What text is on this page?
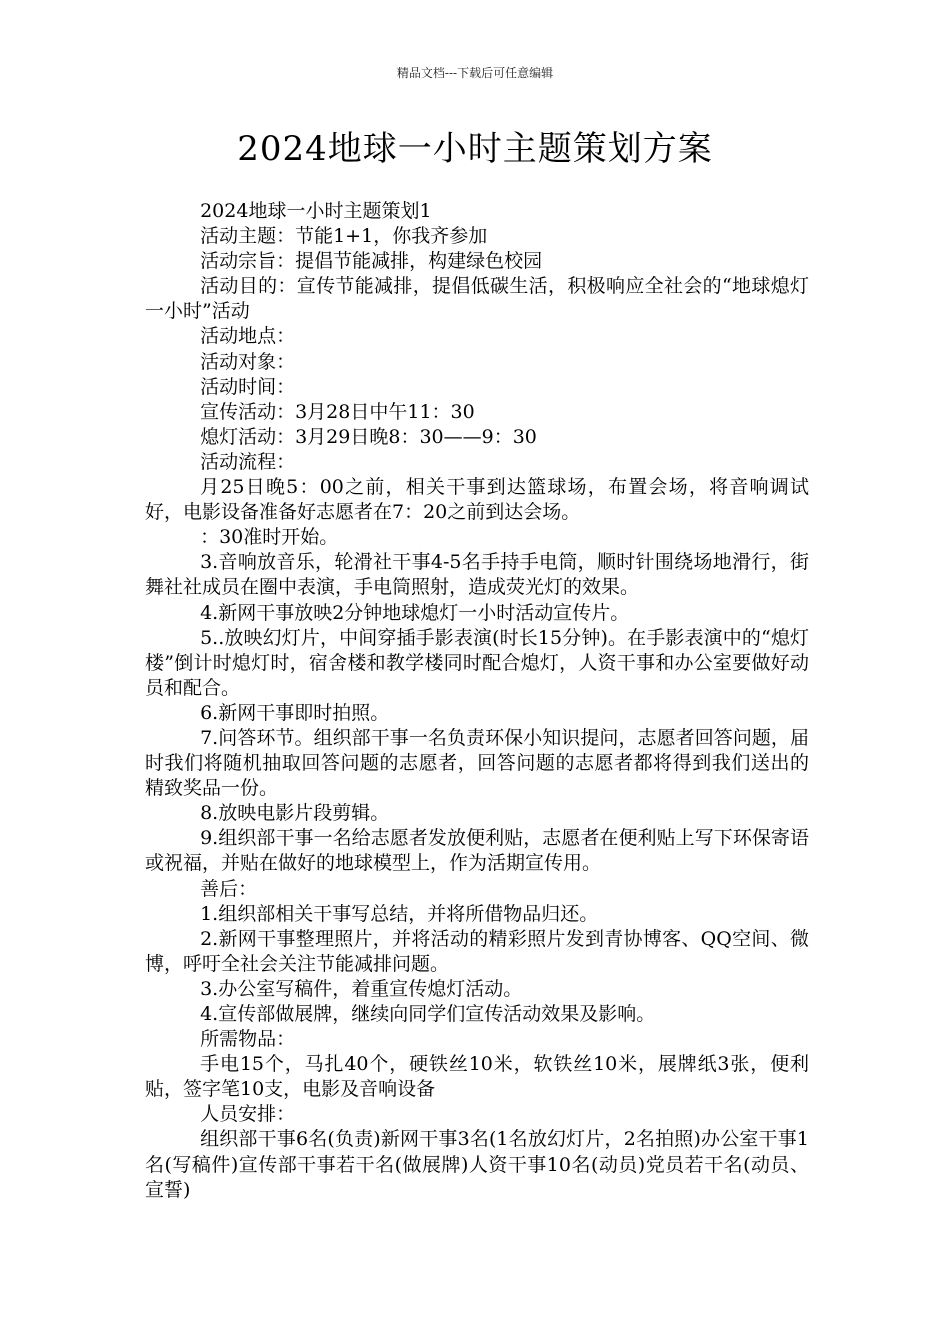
精品文档---下载后可任意编辑
2024地球一小时主题策划方案

2024地球一小时主题策划1

活动主题：节能1+1，你我齐参加

活动宗旨：提倡节能减排，构建绿色校园

活动目的：宣传节能减排，提倡低碳生活，积极响应全社会的“地球熄灯一小时”活动

活动地点：

活动对象：

活动时间：

宣传活动：3月28日中午11：30

熄灯活动：3月29日晚8：30——9：30

活动流程：

月25日晚5：00之前，相关干事到达篮球场，布置会场，将音响调试好，电影设备准备好志愿者在7：20之前到达会场。

：30准时开始。

3.音响放音乐，轮滑社干事4-5名手持手电筒，顺时针围绕场地滑行，街舞社社成员在圈中表演，手电筒照射，造成荧光灯的效果。

4.新网干事放映2分钟地球熄灯一小时活动宣传片。

5..放映幻灯片，中间穿插手影表演(时长15分钟)。在手影表演中的“熄灯楼”倒计时熄灯时，宿舍楼和教学楼同时配合熄灯，人资干事和办公室要做好动员和配合。

6.新网干事即时拍照。

7.问答环节。组织部干事一名负责环保小知识提问，志愿者回答问题，届时我们将随机抽取回答问题的志愿者，回答问题的志愿者都将得到我们送出的精致奖品一份。

8.放映电影片段剪辑。

9.组织部干事一名给志愿者发放便利贴，志愿者在便利贴上写下环保寄语或祝福，并贴在做好的地球模型上，作为活期宣传用。

善后：

1.组织部相关干事写总结，并将所借物品归还。

2.新网干事整理照片，并将活动的精彩照片发到青协博客、QQ空间、微博，呼吁全社会关注节能减排问题。

3.办公室写稿件，着重宣传熄灯活动。

4.宣传部做展牌，继续向同学们宣传活动效果及影响。

所需物品：

手电15个，马扎40个，硬铁丝10米，软铁丝10米，展牌纸3张，便利贴，签字笔10支，电影及音响设备

人员安排：

组织部干事6名(负责)新网干事3名(1名放幻灯片，2名拍照)办公室干事1名(写稿件)宣传部干事若干名(做展牌)人资干事10名(动员)党员若干名(动员、宣誓)
